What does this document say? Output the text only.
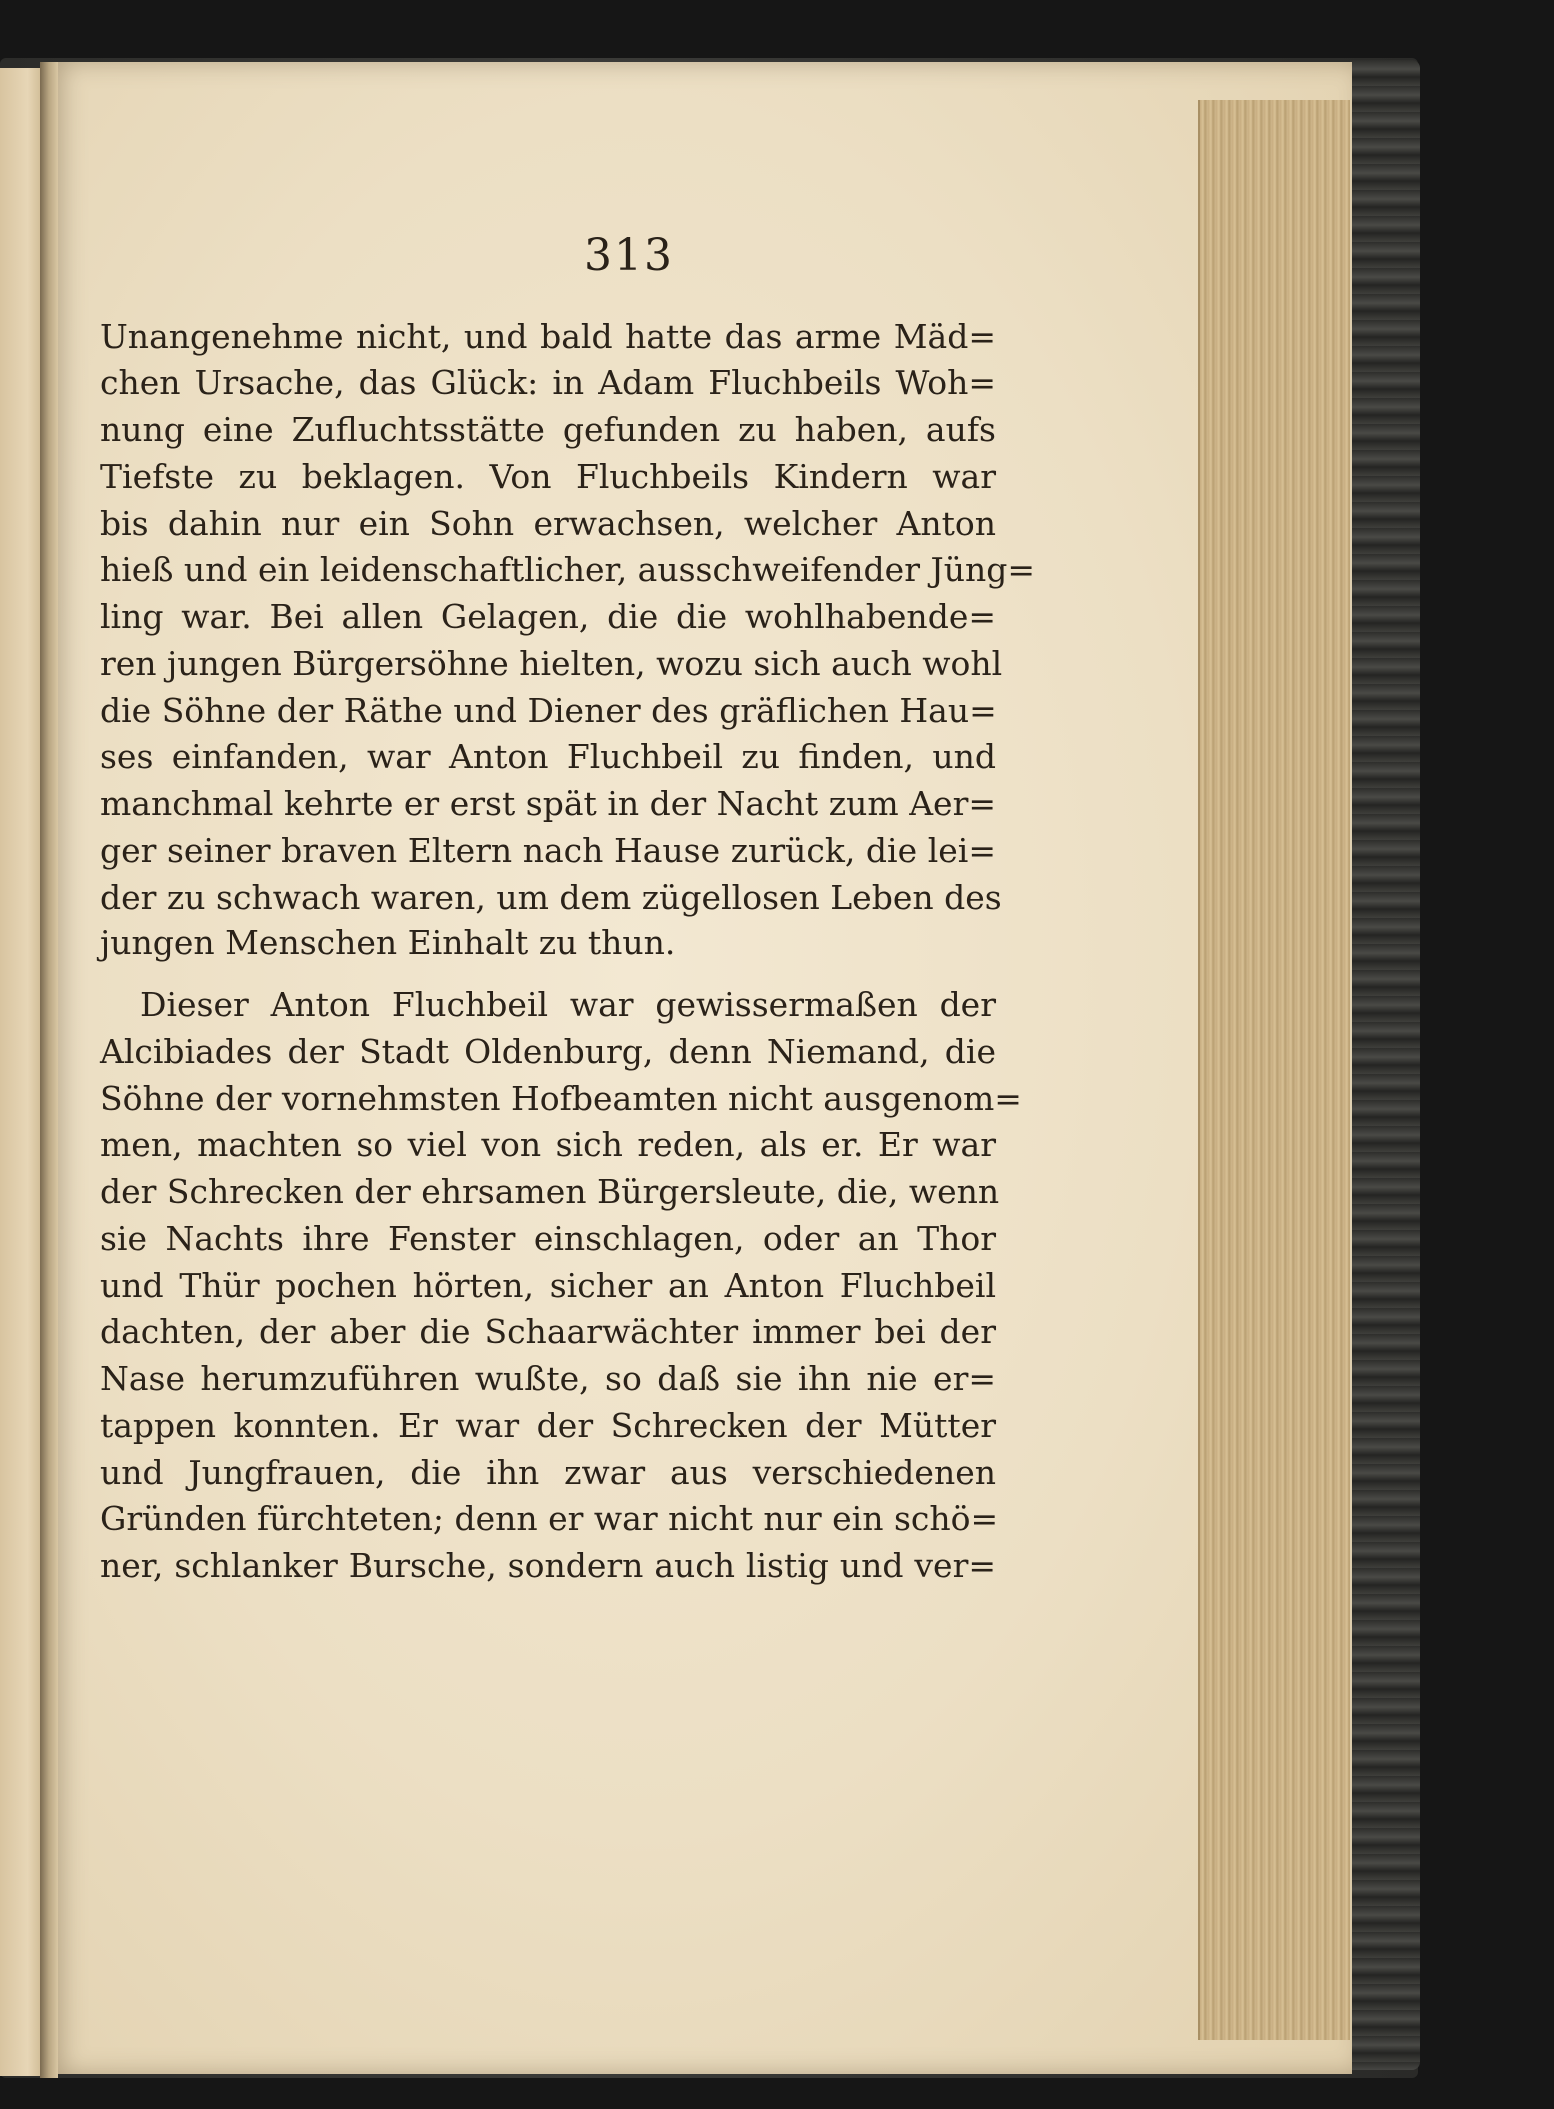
313
Unangenehme nicht, und bald hatte das arme Mäd=
chen Ursache, das Glück: in Adam Fluchbeils Woh=
nung eine Zufluchtsstätte gefunden zu haben, aufs
Tiefste zu beklagen. Von Fluchbeils Kindern war
bis dahin nur ein Sohn erwachsen, welcher Anton
hieß und ein leidenschaftlicher, ausschweifender Jüng=
ling war. Bei allen Gelagen, die die wohlhabende=
ren jungen Bürgersöhne hielten, wozu sich auch wohl
die Söhne der Räthe und Diener des gräflichen Hau=
ses einfanden, war Anton Fluchbeil zu finden, und
manchmal kehrte er erst spät in der Nacht zum Aer=
ger seiner braven Eltern nach Hause zurück, die lei=
der zu schwach waren, um dem zügellosen Leben des
jungen Menschen Einhalt zu thun.
Dieser Anton Fluchbeil war gewissermaßen der
Alcibiades der Stadt Oldenburg, denn Niemand, die
Söhne der vornehmsten Hofbeamten nicht ausgenom=
men, machten so viel von sich reden, als er. Er war
der Schrecken der ehrsamen Bürgersleute, die, wenn
sie Nachts ihre Fenster einschlagen, oder an Thor
und Thür pochen hörten, sicher an Anton Fluchbeil
dachten, der aber die Schaarwächter immer bei der
Nase herumzuführen wußte, so daß sie ihn nie er=
tappen konnten. Er war der Schrecken der Mütter
und Jungfrauen, die ihn zwar aus verschiedenen
Gründen fürchteten; denn er war nicht nur ein schö=
ner, schlanker Bursche, sondern auch listig und ver=
